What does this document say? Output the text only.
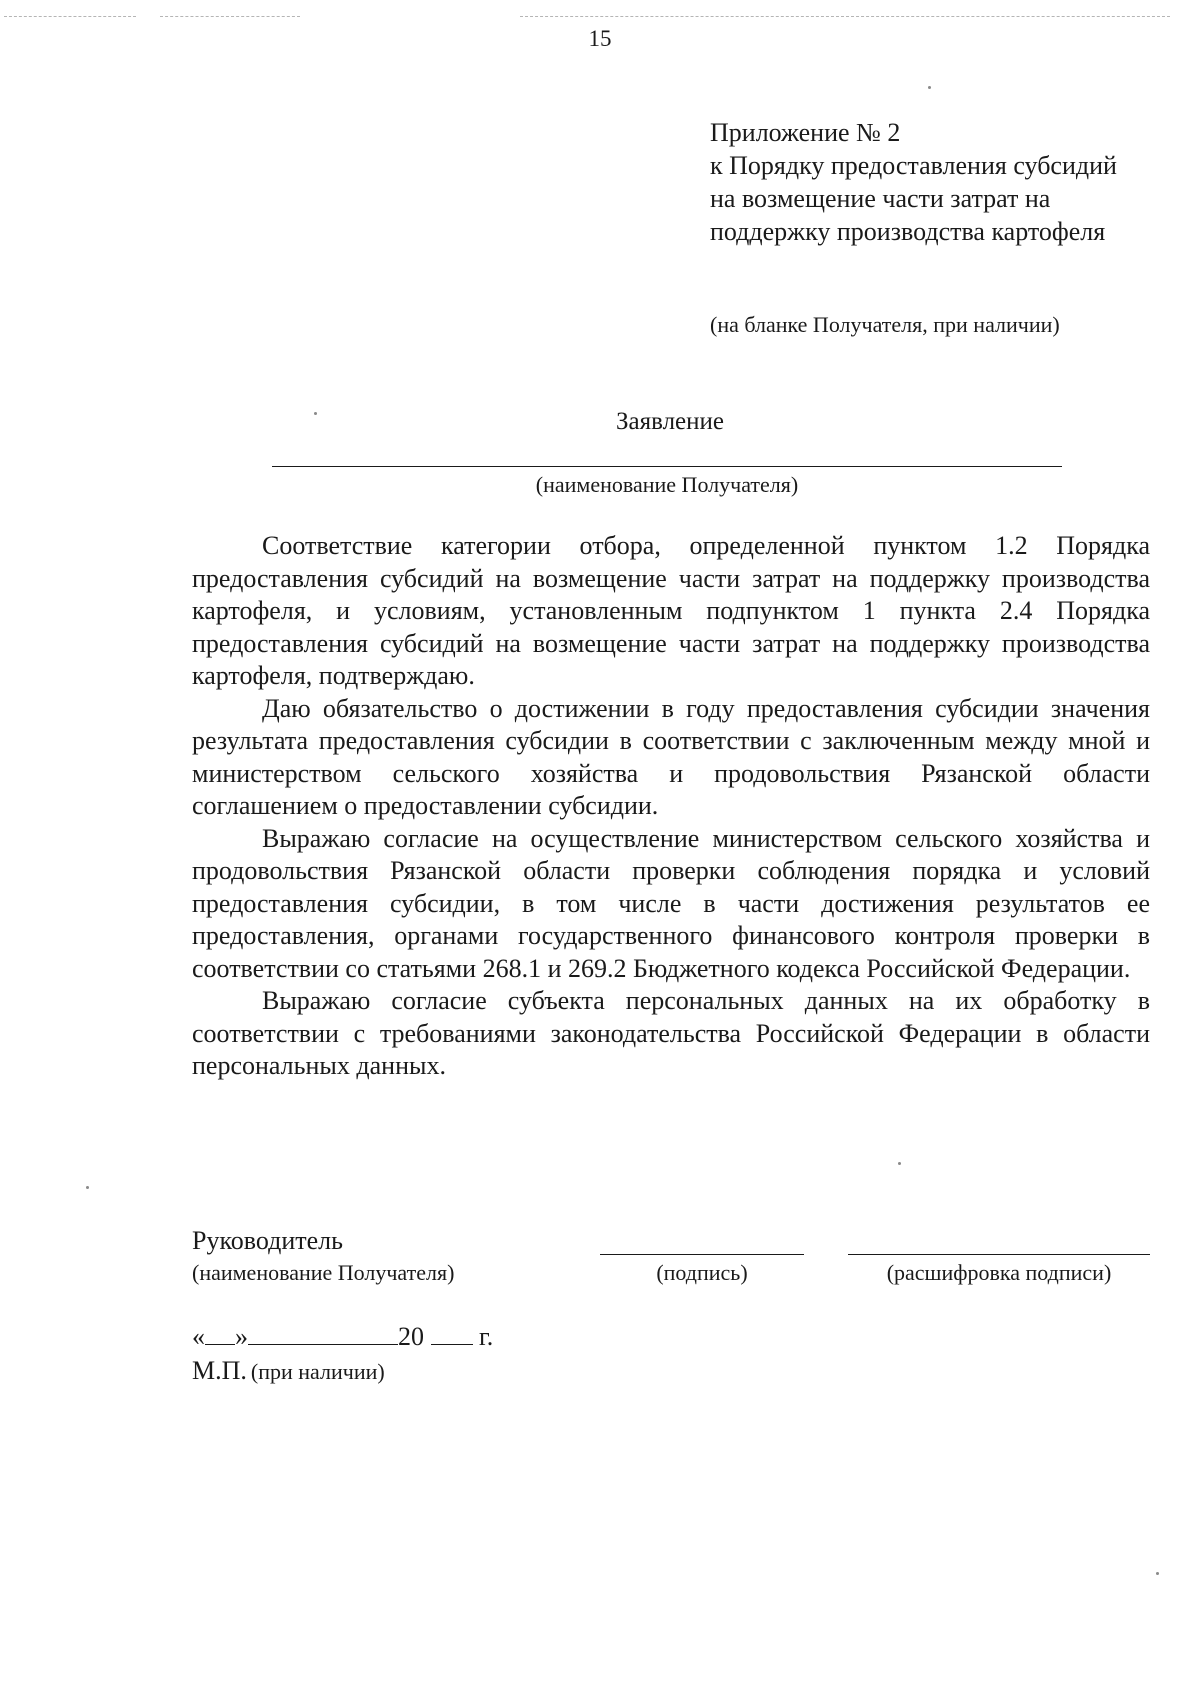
15
Приложение № 2
к Порядку предоставления субсидий
на возмещение части затрат на
поддержку производства картофеля
(на бланке Получателя, при наличии)
Заявление
(наименование Получателя)

Соответствие категории отбора, определенной пунктом 1.2 Порядка предоставления субсидий на возмещение части затрат на поддержку производства картофеля, и условиям, установленным подпунктом 1 пункта 2.4 Порядка предоставления субсидий на возмещение части затрат на поддержку производства картофеля, подтверждаю.

Даю обязательство о достижении в году предоставления субсидии значения результата предоставления субсидии в соответствии с заключенным между мной и министерством сельского хозяйства и продовольствия Рязанской области соглашением о предоставлении субсидии.

Выражаю согласие на осуществление министерством сельского хозяйства и продовольствия Рязанской области проверки соблюдения порядка и условий предоставления субсидии, в том числе в части достижения результатов ее предоставления, органами государственного финансового контроля проверки в соответствии со статьями 268.1 и 269.2 Бюджетного кодекса Российской Федерации.

Выражаю согласие субъекта персональных данных на их обработку в соответствии с требованиями законодательства Российской Федерации в области персональных данных.

Руководитель
(наименование Получателя)	(подпись)	(расшифровка подписи)
« »	20 г.
М.П. (при наличии)
